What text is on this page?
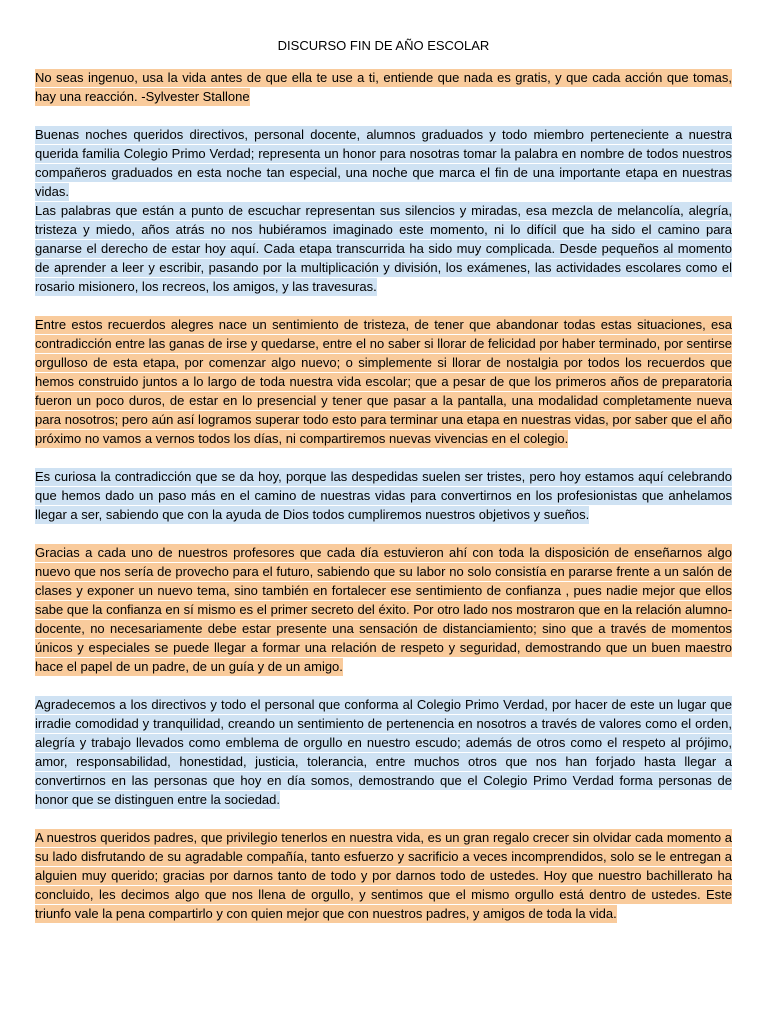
DISCURSO FIN DE AÑO ESCOLAR

No seas ingenuo, usa la vida antes de que ella te use a ti, entiende que nada es gratis, y que cada acción que tomas, hay una reacción. -Sylvester Stallone

Buenas noches queridos directivos, personal docente, alumnos graduados y todo miembro perteneciente a nuestra querida familia Colegio Primo Verdad; representa un honor para nosotras tomar la palabra en nombre de todos nuestros compañeros graduados en esta noche tan especial, una noche que marca el fin de una importante etapa en nuestras vidas.

Las palabras que están a punto de escuchar representan sus silencios y miradas, esa mezcla de melancolía, alegría, tristeza y miedo, años atrás no nos hubiéramos imaginado este momento, ni lo difícil que ha sido el camino para ganarse el derecho de estar hoy aquí. Cada etapa transcurrida ha sido muy complicada. Desde pequeños al momento de aprender a leer y escribir, pasando por la multiplicación y división, los exámenes, las actividades escolares como el rosario misionero, los recreos, los amigos, y las travesuras.

Entre estos recuerdos alegres nace un sentimiento de tristeza, de tener que abandonar todas estas situaciones, esa contradicción entre las ganas de irse y quedarse, entre el no saber si llorar de felicidad por haber terminado, por sentirse orgulloso de esta etapa, por comenzar algo nuevo; o simplemente si llorar de nostalgia por todos los recuerdos que hemos construido juntos a lo largo de toda nuestra vida escolar; que a pesar de que los primeros años de preparatoria fueron un poco duros, de estar en lo presencial y tener que pasar a la pantalla, una modalidad completamente nueva para nosotros; pero aún así logramos superar todo esto para terminar una etapa en nuestras vidas, por saber que el año próximo no vamos a vernos todos los días, ni compartiremos nuevas vivencias en el colegio.

Es curiosa la contradicción que se da hoy, porque las despedidas suelen ser tristes, pero hoy estamos aquí celebrando que hemos dado un paso más en el camino de nuestras vidas para convertirnos en los profesionistas que anhelamos llegar a ser, sabiendo que con la ayuda de Dios todos cumpliremos nuestros objetivos y sueños.

Gracias a cada uno de nuestros profesores que cada día estuvieron ahí con toda la disposición de enseñarnos algo nuevo que nos sería de provecho para el futuro, sabiendo que su labor no solo consistía en pararse frente a un salón de clases y exponer un nuevo tema, sino también en fortalecer ese sentimiento de confianza , pues nadie mejor que ellos sabe que la confianza en sí mismo es el primer secreto del éxito. Por otro lado nos mostraron que en la relación alumno-docente, no necesariamente debe estar presente una sensación de distanciamiento; sino que a través de momentos únicos y especiales se puede llegar a formar una relación de respeto y seguridad, demostrando que un buen maestro hace el papel de un padre, de un guía y de un amigo.

Agradecemos a los directivos y todo el personal que conforma al Colegio Primo Verdad, por hacer de este un lugar que irradie comodidad y tranquilidad, creando un sentimiento de pertenencia en nosotros a través de valores como el orden, alegría y trabajo llevados como emblema de orgullo en nuestro escudo; además de otros como el respeto al prójimo, amor, responsabilidad, honestidad, justicia, tolerancia, entre muchos otros que nos han forjado hasta llegar a convertirnos en las personas que hoy en día somos, demostrando que el Colegio Primo Verdad forma personas de honor que se distinguen entre la sociedad.

A nuestros queridos padres, que privilegio tenerlos en nuestra vida, es un gran regalo crecer sin olvidar cada momento a su lado disfrutando de su agradable compañía, tanto esfuerzo y sacrificio a veces incomprendidos, solo se le entregan a alguien muy querido; gracias por darnos tanto de todo y por darnos todo de ustedes. Hoy que nuestro bachillerato ha concluido, les decimos algo que nos llena de orgullo, y sentimos que el mismo orgullo está dentro de ustedes. Este triunfo vale la pena compartirlo y con quien mejor que con nuestros padres, y amigos de toda la vida.
